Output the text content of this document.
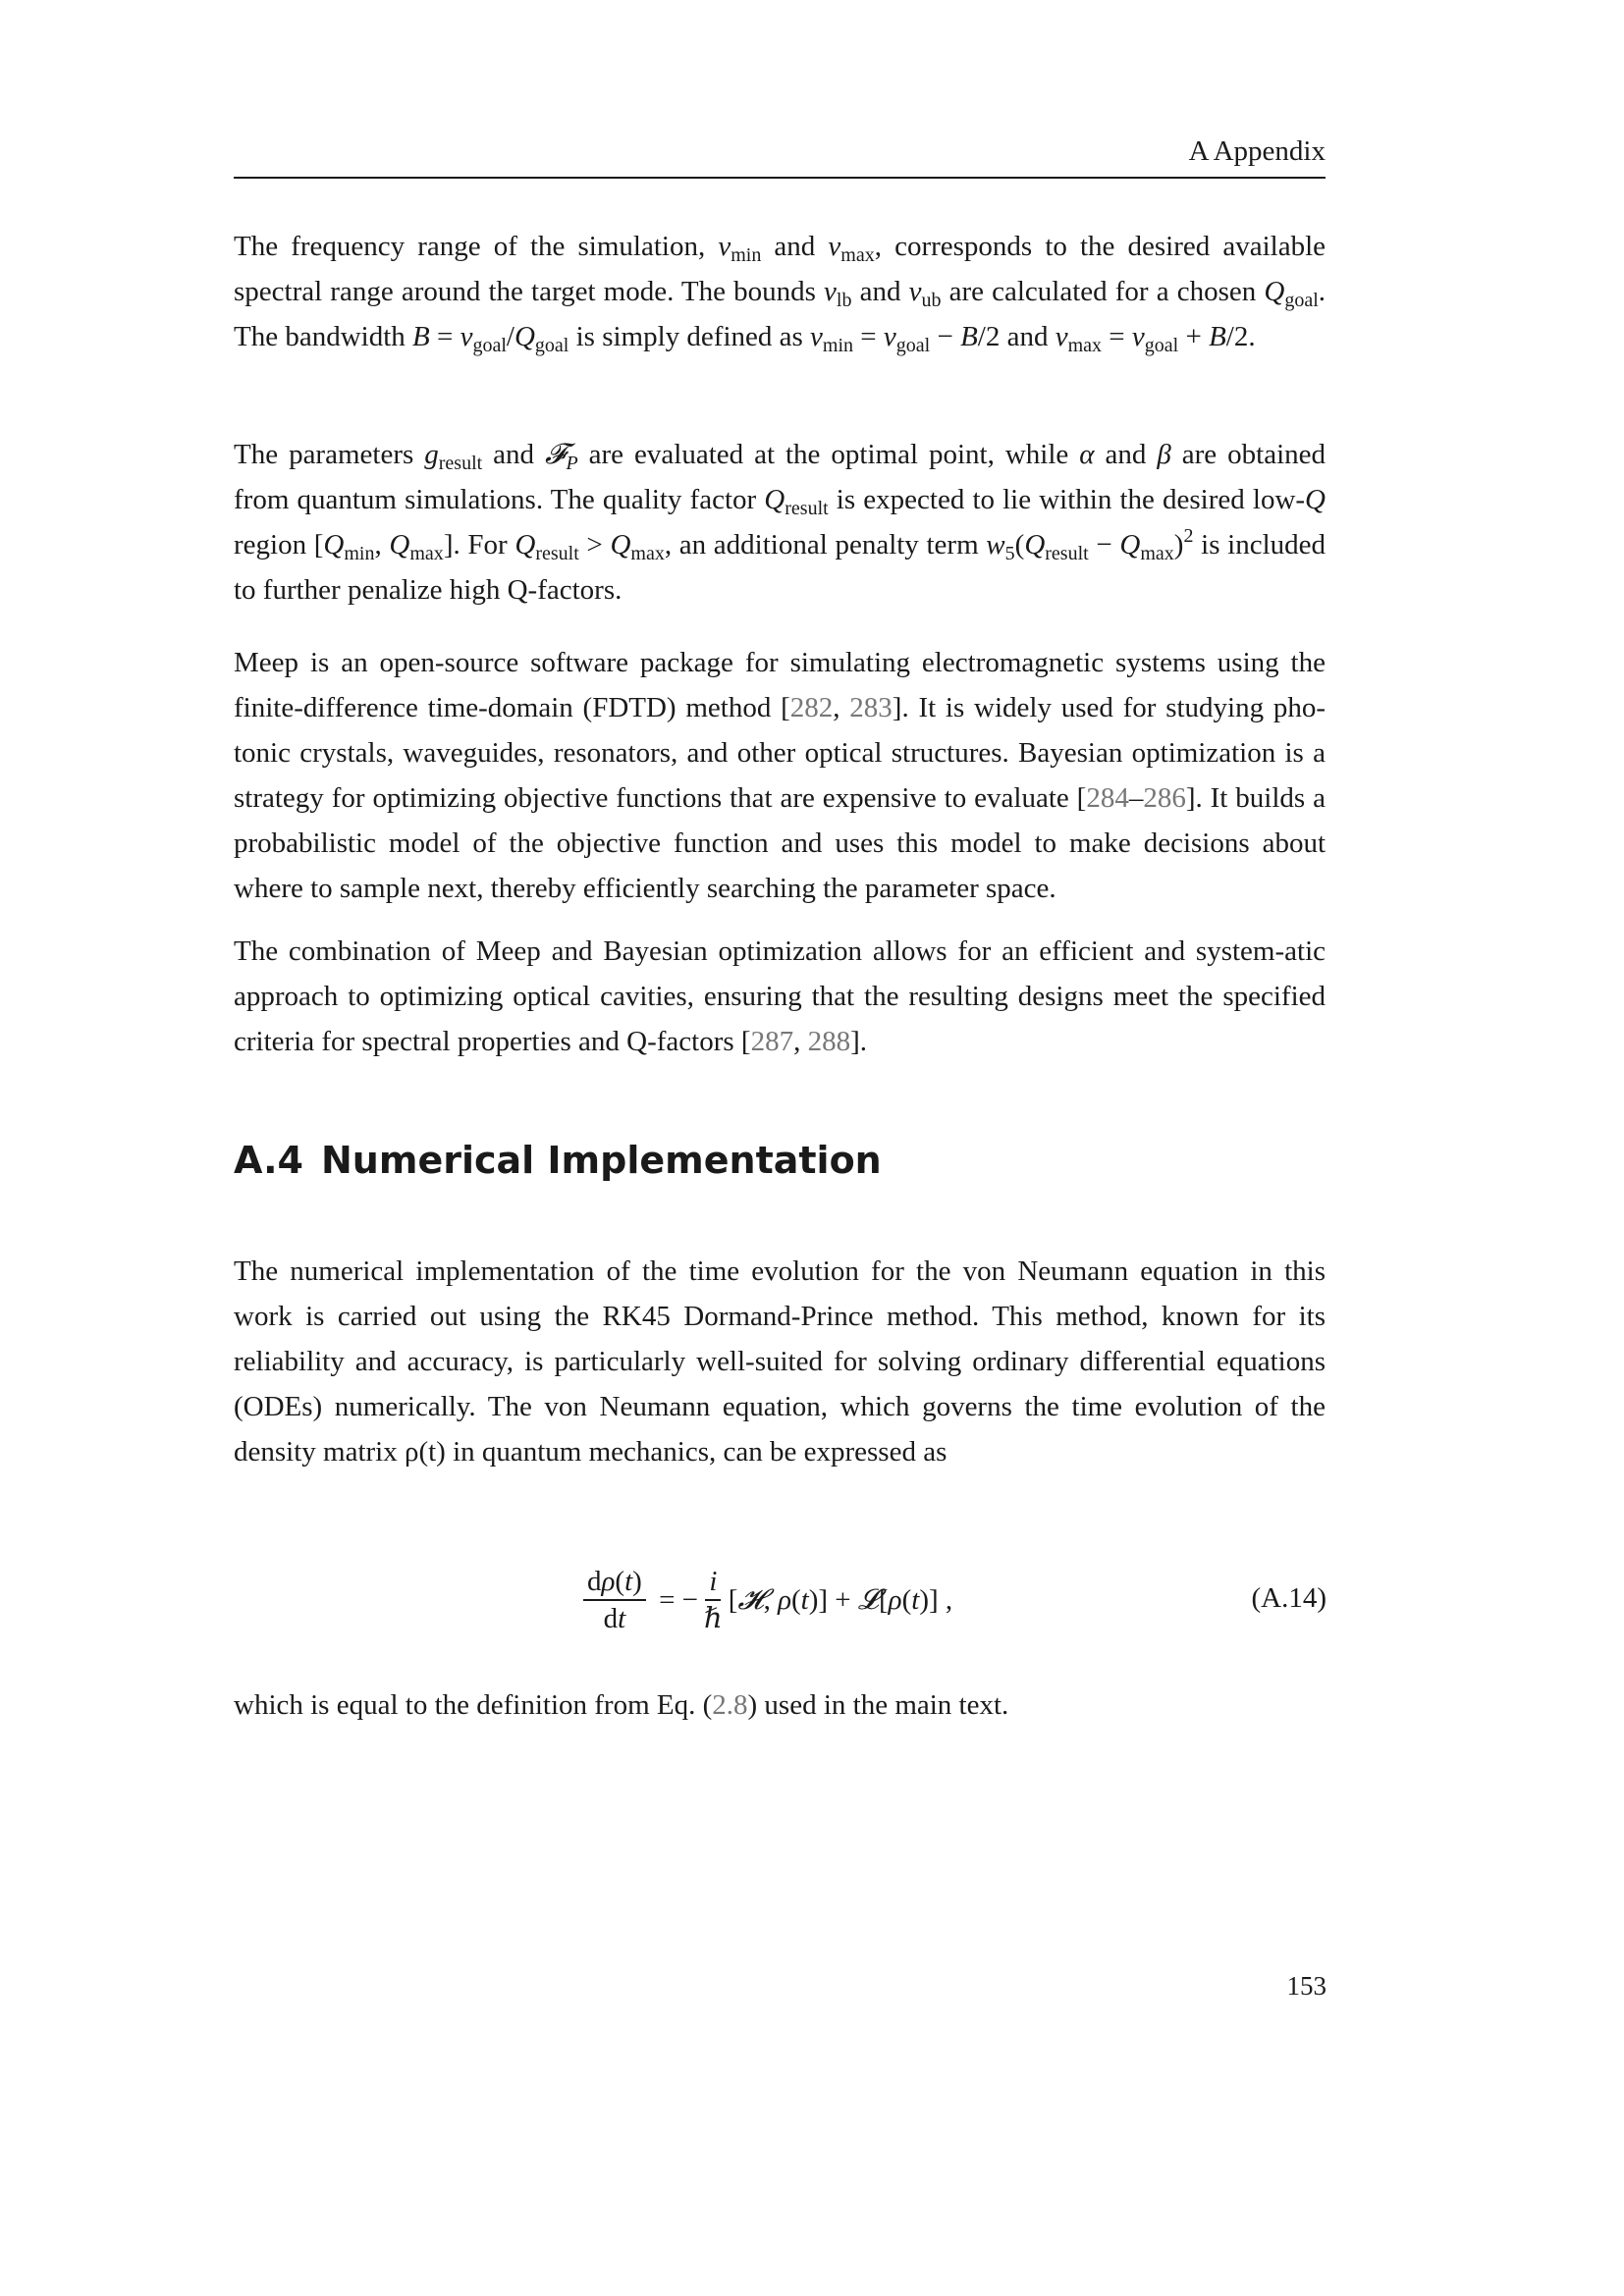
A Appendix

The frequency range of the simulation, $\nu_{min}$ and $\nu_{max}$, corresponds to the desired available spectral range around the target mode. The bounds $\nu_{lb}$ and $\nu_{ub}$ are calculated for a chosen $Q_{goal}$. The bandwidth $B = \nu_{goal}/Q_{goal}$ is simply defined as $\nu_{min} = \nu_{goal} - B/2$ and $\nu_{max} = \nu_{goal} + B/2$.

The parameters $g_{result}$ and 𝓕$_P$ are evaluated at the optimal point, while α and β are obtained from quantum simulations. The quality factor $Q_{result}$ is expected to lie within the desired low-Q region [$Q_{min}$, $Q_{max}$]. For $Q_{result} > Q_{max}$, an additional penalty term $w_5(Q_{result} - Q_{max})^2$ is included to further penalize high Q-factors.

Meep is an open-source software package for simulating electromagnetic systems using the finite-difference time-domain (FDTD) method [282, 283]. It is widely used for studying pho-tonic crystals, waveguides, resonators, and other optical structures. Bayesian optimization is a strategy for optimizing objective functions that are expensive to evaluate [284–286]. It builds a probabilistic model of the objective function and uses this model to make decisions about where to sample next, thereby efficiently searching the parameter space.

The combination of Meep and Bayesian optimization allows for an efficient and system-atic approach to optimizing optical cavities, ensuring that the resulting designs meet the specified criteria for spectral properties and Q-factors [287, 288].

A.4 Numerical Implementation

The numerical implementation of the time evolution for the von Neumann equation in this work is carried out using the RK45 Dormand-Prince method. This method, known for its reliability and accuracy, is particularly well-suited for solving ordinary differential equations (ODEs) numerically. The von Neumann equation, which governs the time evolution of the density matrix ρ(t) in quantum mechanics, can be expressed as

$\frac{d\rho(t)}{dt}$ = − $\frac{i}{\text{ℏ}}$ [𝓗, ρ(t)] + 𝓛[ρ(t)] ,	(A.14)

which is equal to the definition from Eq. (2.8) used in the main text.

153
